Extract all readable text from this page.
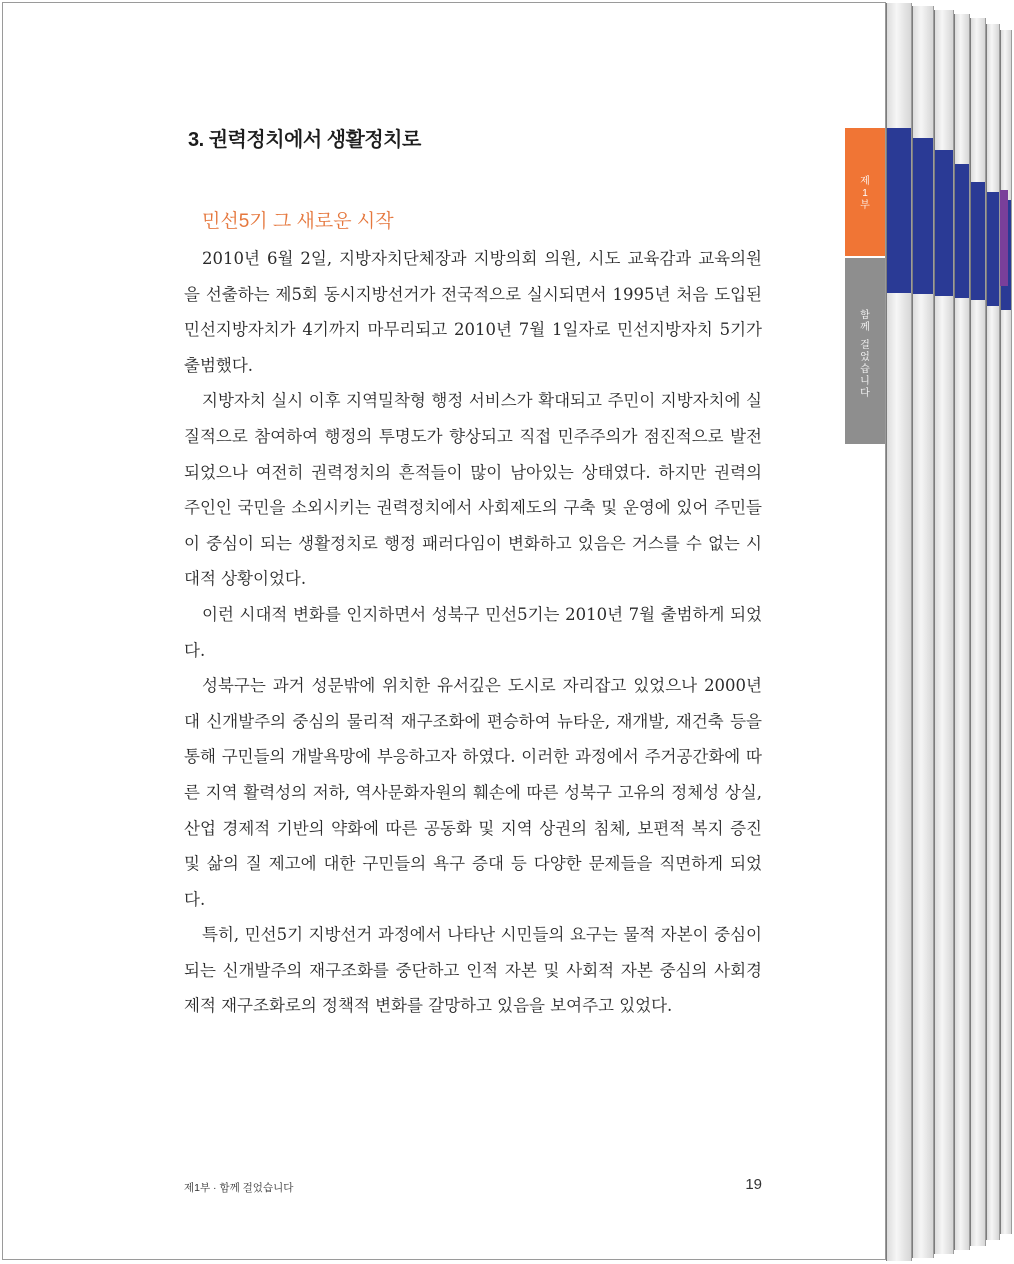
제
1
부
함
께

걸
었
습
니
다
3. 권력정치에서 생활정치로
민선5기 그 새로운 시작

2010년 6월 2일, 지방자치단체장과 지방의회 의원, 시도 교육감과 교육의원을 선출하는 제5회 동시지방선거가 전국적으로 실시되면서 1995년 처음 도입된 민선지방자치가 4기까지 마무리되고 2010년 7월 1일자로 민선지방자치 5기가 출범했다.

지방자치 실시 이후 지역밀착형 행정 서비스가 확대되고 주민이 지방자치에 실질적으로 참여하여 행정의 투명도가 향상되고 직접 민주주의가 점진적으로 발전되었으나 여전히 권력정치의 흔적들이 많이 남아있는 상태였다. 하지만 권력의 주인인 국민을 소외시키는 권력정치에서 사회제도의 구축 및 운영에 있어 주민들이 중심이 되는 생활정치로 행정 패러다임이 변화하고 있음은 거스를 수 없는 시대적 상황이었다.

이런 시대적 변화를 인지하면서 성북구 민선5기는 2010년 7월 출범하게 되었다.

성북구는 과거 성문밖에 위치한 유서깊은 도시로 자리잡고 있었으나 2000년대 신개발주의 중심의 물리적 재구조화에 편승하여 뉴타운, 재개발, 재건축 등을 통해 구민들의 개발욕망에 부응하고자 하였다. 이러한 과정에서 주거공간화에 따른 지역 활력성의 저하, 역사문화자원의 훼손에 따른 성북구 고유의 정체성 상실, 산업 경제적 기반의 약화에 따른 공동화 및 지역 상권의 침체, 보편적 복지 증진 및 삶의 질 제고에 대한 구민들의 욕구 증대 등 다양한 문제들을 직면하게 되었다.

특히, 민선5기 지방선거 과정에서 나타난 시민들의 요구는 물적 자본이 중심이 되는 신개발주의 재구조화를 중단하고 인적 자본 및 사회적 자본 중심의 사회경제적 재구조화로의 정책적 변화를 갈망하고 있음을 보여주고 있었다.

제1부 · 함께 걸었습니다	19
